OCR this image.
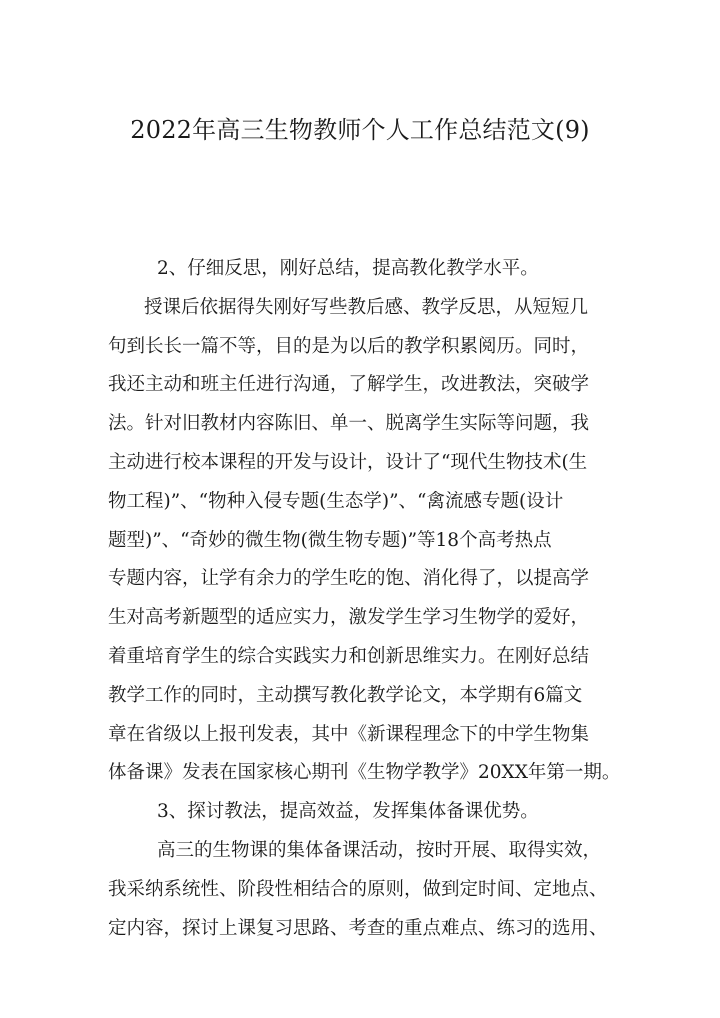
2022年高三生物教师个人工作总结范文(9)
2、仔细反思，刚好总结，提高教化教学水平。
授课后依据得失刚好写些教后感、教学反思，从短短几
句到长长一篇不等，目的是为以后的教学积累阅历。同时，
我还主动和班主任进行沟通，了解学生，改进教法，突破学
法。针对旧教材内容陈旧、单一、脱离学生实际等问题，我
主动进行校本课程的开发与设计，设计了“现代生物技术(生
物工程)”、“物种入侵专题(生态学)”、“禽流感专题(设计
题型)”、“奇妙的微生物(微生物专题)”等18个高考热点
专题内容，让学有余力的学生吃的饱、消化得了，以提高学
生对高考新题型的适应实力，激发学生学习生物学的爱好，
着重培育学生的综合实践实力和创新思维实力。在刚好总结
教学工作的同时，主动撰写教化教学论文，本学期有6篇文
章在省级以上报刊发表，其中《新课程理念下的中学生物集
体备课》发表在国家核心期刊《生物学教学》20XX年第一期。
3、探讨教法，提高效益，发挥集体备课优势。
高三的生物课的集体备课活动，按时开展、取得实效，
我采纳系统性、阶段性相结合的原则，做到定时间、定地点、
定内容，探讨上课复习思路、考查的重点难点、练习的选用、
